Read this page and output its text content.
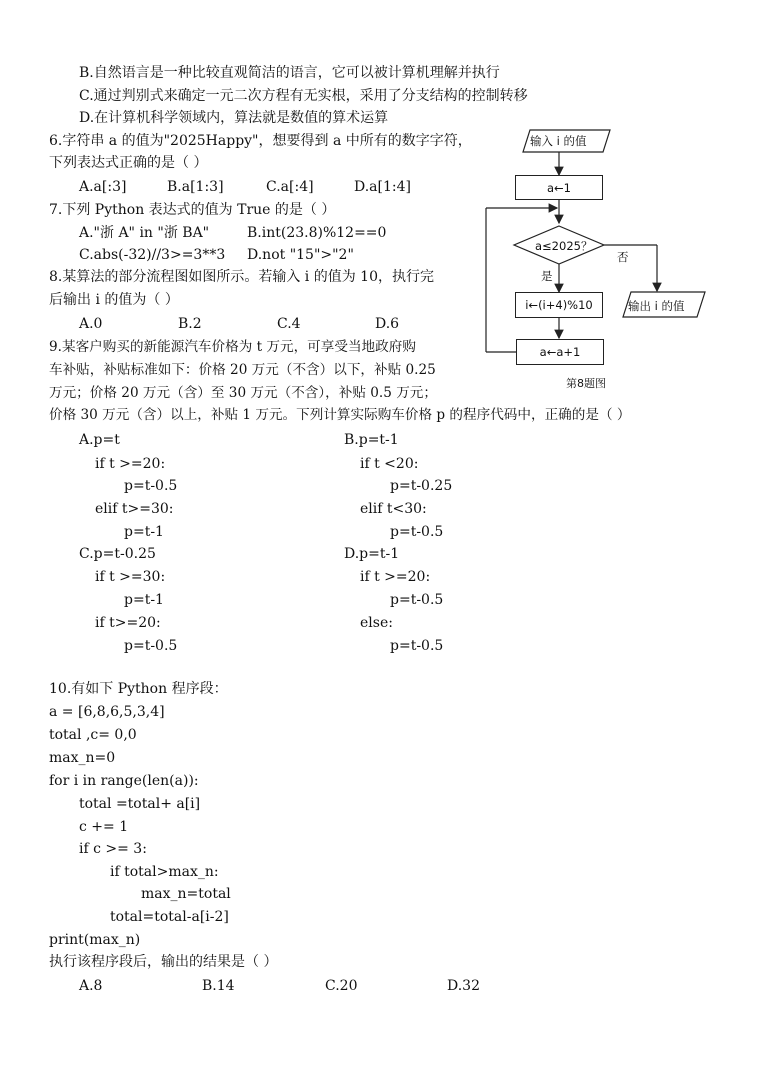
B.自然语言是一种比较直观简洁的语言，它可以被计算机理解并执行
C.通过判别式来确定一元二次方程有无实根，采用了分支结构的控制转移
D.在计算机科学领域内，算法就是数值的算术运算
6.字符串 a 的值为"2025Happy"，想要得到 a 中所有的数字字符，
下列表达式正确的是（ ）
A.a[:3]	B.a[1:3]	C.a[:4]	D.a[1:4]
7.下列 Python 表达式的值为 True 的是（ ）
A."浙 A" in "浙 BA"	B.int(23.8)%12==0
C.abs(-32)//3>=3**3 D.not "15">"2"
8.某算法的部分流程图如图所示。若输入 i 的值为 10，执行完
后输出 i 的值为（ ）
A.0	B.2	C.4	D.6
输入 i 的值
a←1
a≤2025？
否
是
i←(i+4)%10	输出 i 的值
a←a+1
第8题图
9.某客户购买的新能源汽车价格为 t 万元，可享受当地政府购
车补贴，补贴标准如下：价格 20 万元（不含）以下，补贴 0.25
万元；价格 20 万元（含）至 30 万元（不含），补贴 0.5 万元；
价格 30 万元（含）以上，补贴 1 万元。下列计算实际购车价格 p 的程序代码中，正确的是（ ）
A.p=t
if t >=20:
p=t-0.5
elif t>=30:
p=t-1
B.p=t-1
if t <20:
p=t-0.25
elif t<30:
p=t-0.5
C.p=t-0.25
if t >=30:
p=t-1
if t>=20:
p=t-0.5
D.p=t-1
if t >=20:
p=t-0.5
else:
p=t-0.5
10.有如下 Python 程序段：
a = [6,8,6,5,3,4]
total ,c= 0,0
max_n=0
for i in range(len(a)):
total =total+ a[i]
c += 1
if c >= 3:
if total>max_n:
max_n=total
total=total-a[i-2]
print(max_n)
执行该程序段后，输出的结果是（ ）
A.8	B.14	C.20	D.32
